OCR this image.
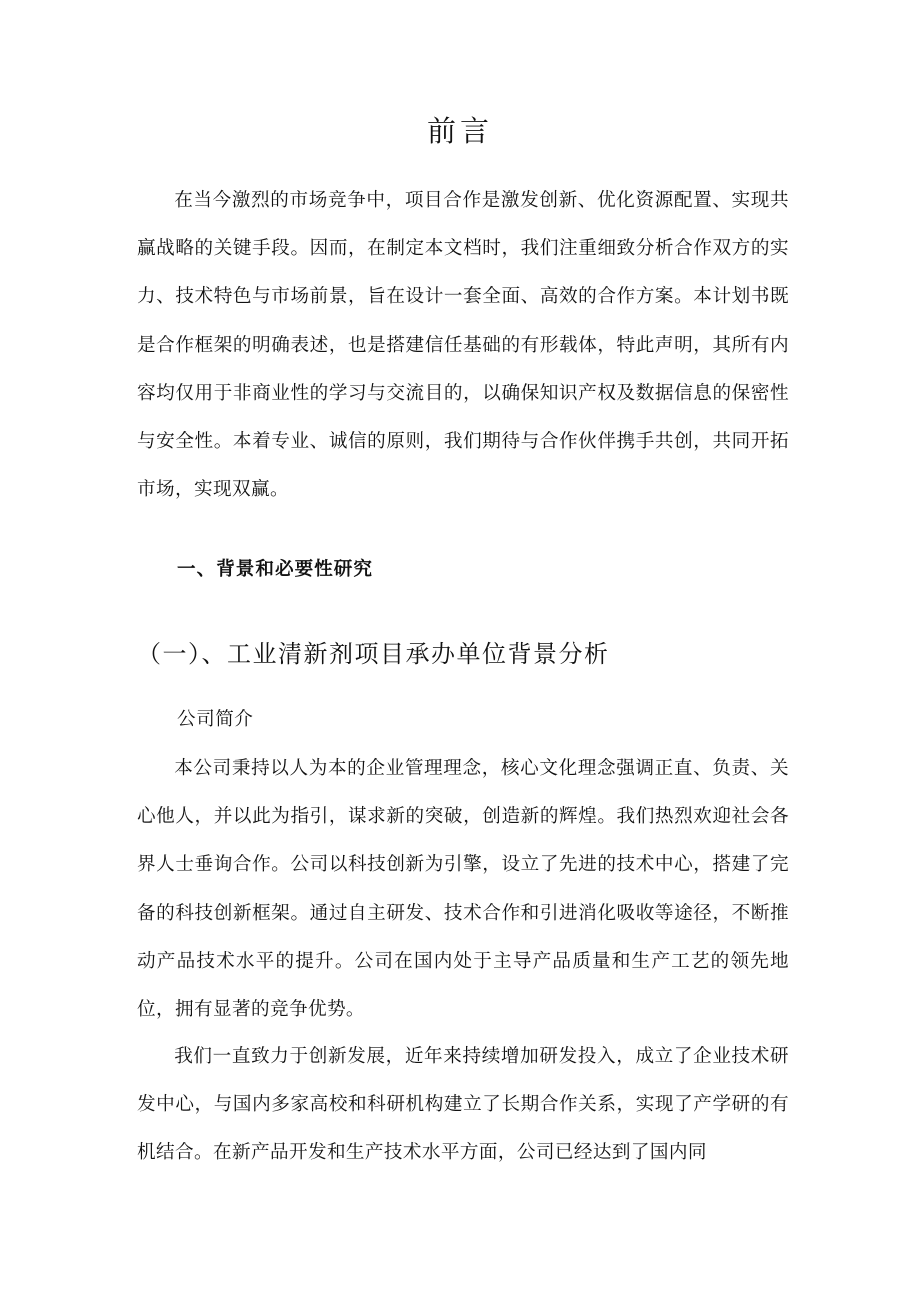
前言

在当今激烈的市场竞争中，项目合作是激发创新、优化资源配置、实现共赢战略的关键手段。因而，在制定本文档时，我们注重细致分析合作双方的实力、技术特色与市场前景，旨在设计一套全面、高效的合作方案。本计划书既是合作框架的明确表述，也是搭建信任基础的有形载体，特此声明，其所有内容均仅用于非商业性的学习与交流目的，以确保知识产权及数据信息的保密性与安全性。本着专业、诚信的原则，我们期待与合作伙伴携手共创，共同开拓市场，实现双赢。

一、背景和必要性研究
（一）、工业清新剂项目承办单位背景分析
公司简介

本公司秉持以人为本的企业管理理念，核心文化理念强调正直、负责、关心他人，并以此为指引，谋求新的突破，创造新的辉煌。我们热烈欢迎社会各界人士垂询合作。公司以科技创新为引擎，设立了先进的技术中心，搭建了完备的科技创新框架。通过自主研发、技术合作和引进消化吸收等途径，不断推动产品技术水平的提升。公司在国内处于主导产品质量和生产工艺的领先地位，拥有显著的竞争优势。

我们一直致力于创新发展，近年来持续增加研发投入，成立了企业技术研发中心，与国内多家高校和科研机构建立了长期合作关系，实现了产学研的有机结合。在新产品开发和生产技术水平方面，公司已经达到了国内同
